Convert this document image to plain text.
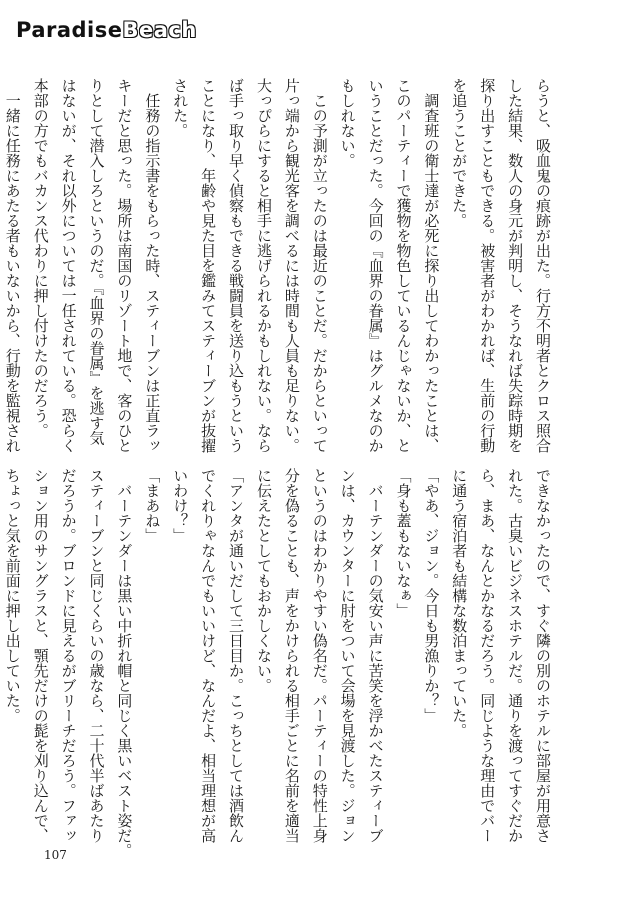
ParadiseBeach
らうと、吸血鬼の痕跡が出た。行方不明者とクロス照合
した結果、数人の身元が判明し、そうなれば失踪時期を
探り出すこともできる。被害者がわかれば、生前の行動
を追うことができた。
　調査班の衛士達が必死に探り出してわかったことは、
このパーティーで獲物を物色しているんじゃないか、と
いうことだった。今回の『血界の眷属』はグルメなのか
もしれない。
　この予測が立ったのは最近のことだ。だからといって
片っ端から観光客を調べるには時間も人員も足りない。
大っぴらにすると相手に逃げられるかもしれない。なら
ば手っ取り早く偵察もできる戦闘員を送り込もうという
ことになり、年齢や見た目を鑑みてスティーブンが抜擢
された。
　任務の指示書をもらった時、スティーブンは正直ラッ
キーだと思った。場所は南国のリゾート地で、客のひと
りとして潜入しろというのだ。『血界の眷属』を逃す気
はないが、それ以外については一任されている。恐らく
本部の方でもバカンス代わりに押し付けたのだろう。
　一緒に任務にあたる者もいないから、行動を監視され

できなかったので、すぐ隣の別のホテルに部屋が用意さ
れた。古臭いビジネスホテルだ。通りを渡ってすぐだか
ら、まあ、なんとかなるだろう。同じような理由でバー
に通う宿泊者も結構な数泊まっていた。
「やあ、ジョン。今日も男漁りか？」
「身も蓋もないなぁ」
　バーテンダーの気安い声に苦笑を浮かべたスティーブ
ンは、カウンターに肘をついて会場を見渡した。ジョン
というのはわかりやすい偽名だ。パーティーの特性上身
分を偽ることも、声をかけられる相手ごとに名前を適当
に伝えたとしてもおかしくない。
「アンタが通いだして三日目か。こっちとしては酒飲ん
でくれりゃなんでもいいけど、なんだよ、相当理想が高
いわけ？」
「まあね」
　バーテンダーは黒い中折れ帽と同じく黒いベスト姿だ。
スティーブンと同じくらいの歳なら、二十代半ばあたり
だろうか。ブロンドに見えるがブリーチだろう。ファッ
ション用のサングラスと、顎先だけの髭を刈り込んで、
ちょっと気を前面に押し出していた。

107
